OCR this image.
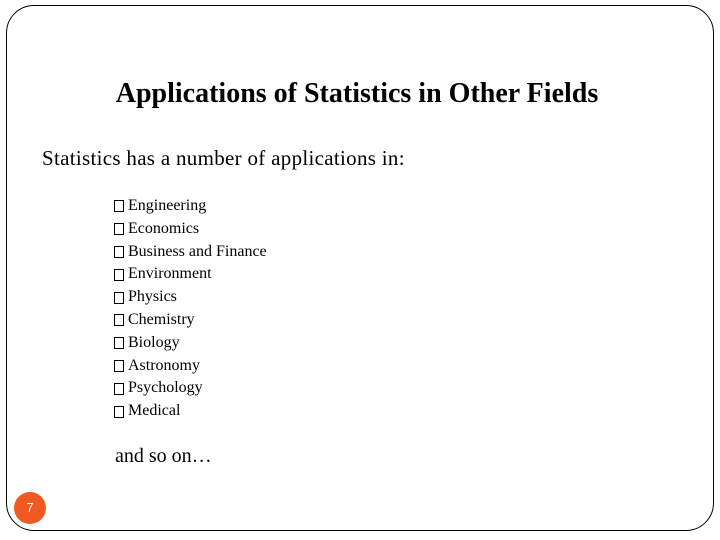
Applications of Statistics in Other Fields
Statistics has a number of applications in:
Engineering
Economics
Business and Finance
Environment
Physics
Chemistry
Biology
Astronomy
Psychology
Medical
and so on…
7
